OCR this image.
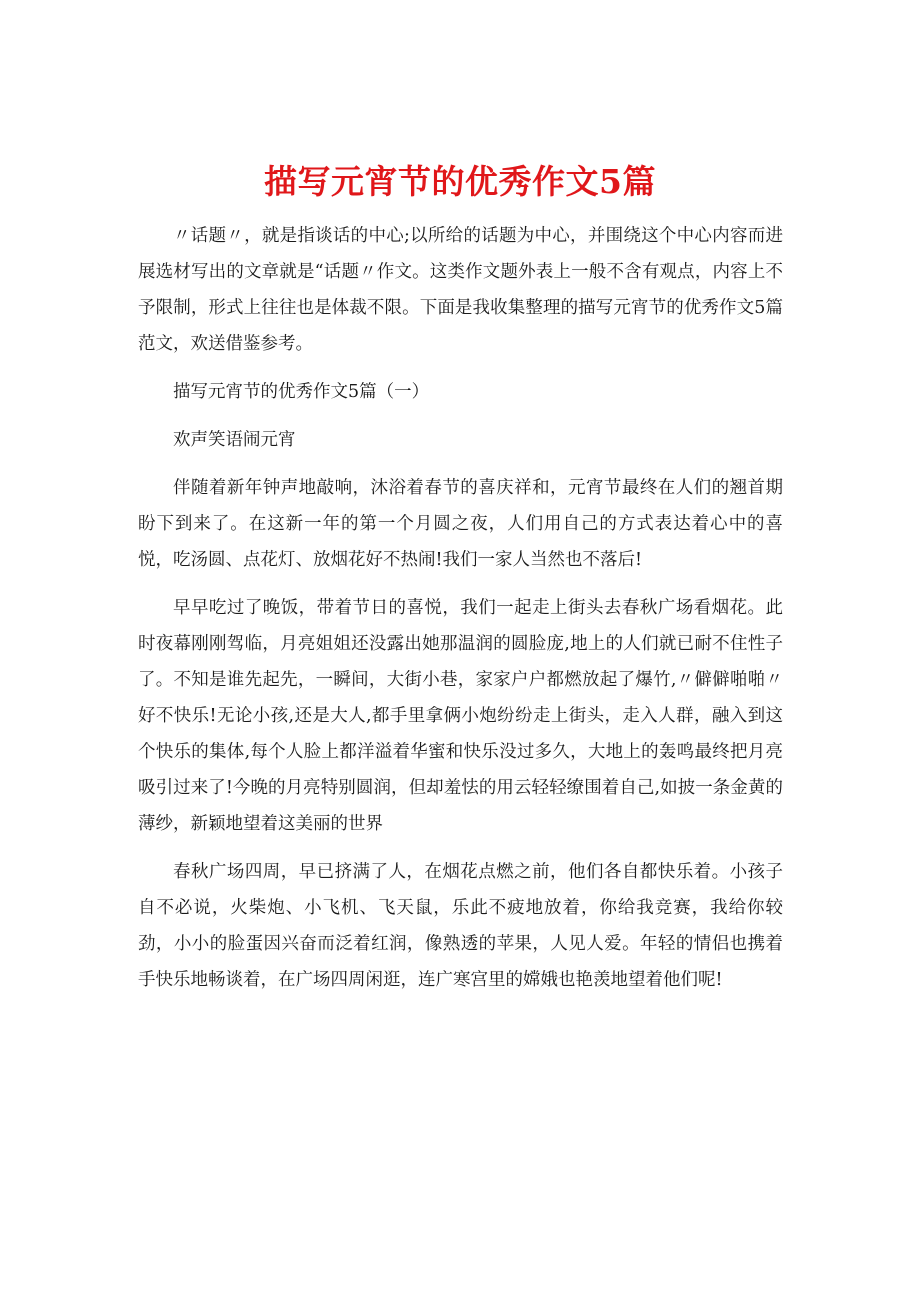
描写元宵节的优秀作文5篇

〃话题〃，就是指谈话的中心;以所给的话题为中心，并围绕这个中心内容而进展选材写出的文章就是“话题〃作文。这类作文题外表上一般不含有观点，内容上不予限制，形式上往往也是体裁不限。下面是我收集整理的描写元宵节的优秀作文5篇范文，欢送借鉴参考。

描写元宵节的优秀作文5篇（一）

欢声笑语闹元宵

伴随着新年钟声地敲响，沐浴着春节的喜庆祥和，元宵节最终在人们的翘首期盼下到来了。在这新一年的第一个月圆之夜，人们用自己的方式表达着心中的喜悦，吃汤圆、点花灯、放烟花好不热闹!我们一家人当然也不落后!

早早吃过了晚饭，带着节日的喜悦，我们一起走上街头去春秋广场看烟花。此时夜幕刚刚驾临，月亮姐姐还没露出她那温润的圆脸庞,地上的人们就已耐不住性子了。不知是谁先起先，一瞬间，大街小巷，家家户户都燃放起了爆竹,〃僻僻啪啪〃好不快乐!无论小孩,还是大人,都手里拿俩小炮纷纷走上街头，走入人群，融入到这个快乐的集体,每个人脸上都洋溢着华蜜和快乐没过多久，大地上的轰鸣最终把月亮吸引过来了!今晚的月亮特别圆润，但却羞怯的用云轻轻缭围着自己,如披一条金黄的薄纱，新颖地望着这美丽的世界

春秋广场四周，早已挤满了人，在烟花点燃之前，他们各自都快乐着。小孩子自不必说，火柴炮、小飞机、飞天鼠，乐此不疲地放着，你给我竞赛，我给你较劲，小小的脸蛋因兴奋而泛着红润，像熟透的苹果，人见人爱。年轻的情侣也携着手快乐地畅谈着，在广场四周闲逛，连广寒宫里的嫦娥也艳羡地望着他们呢!
